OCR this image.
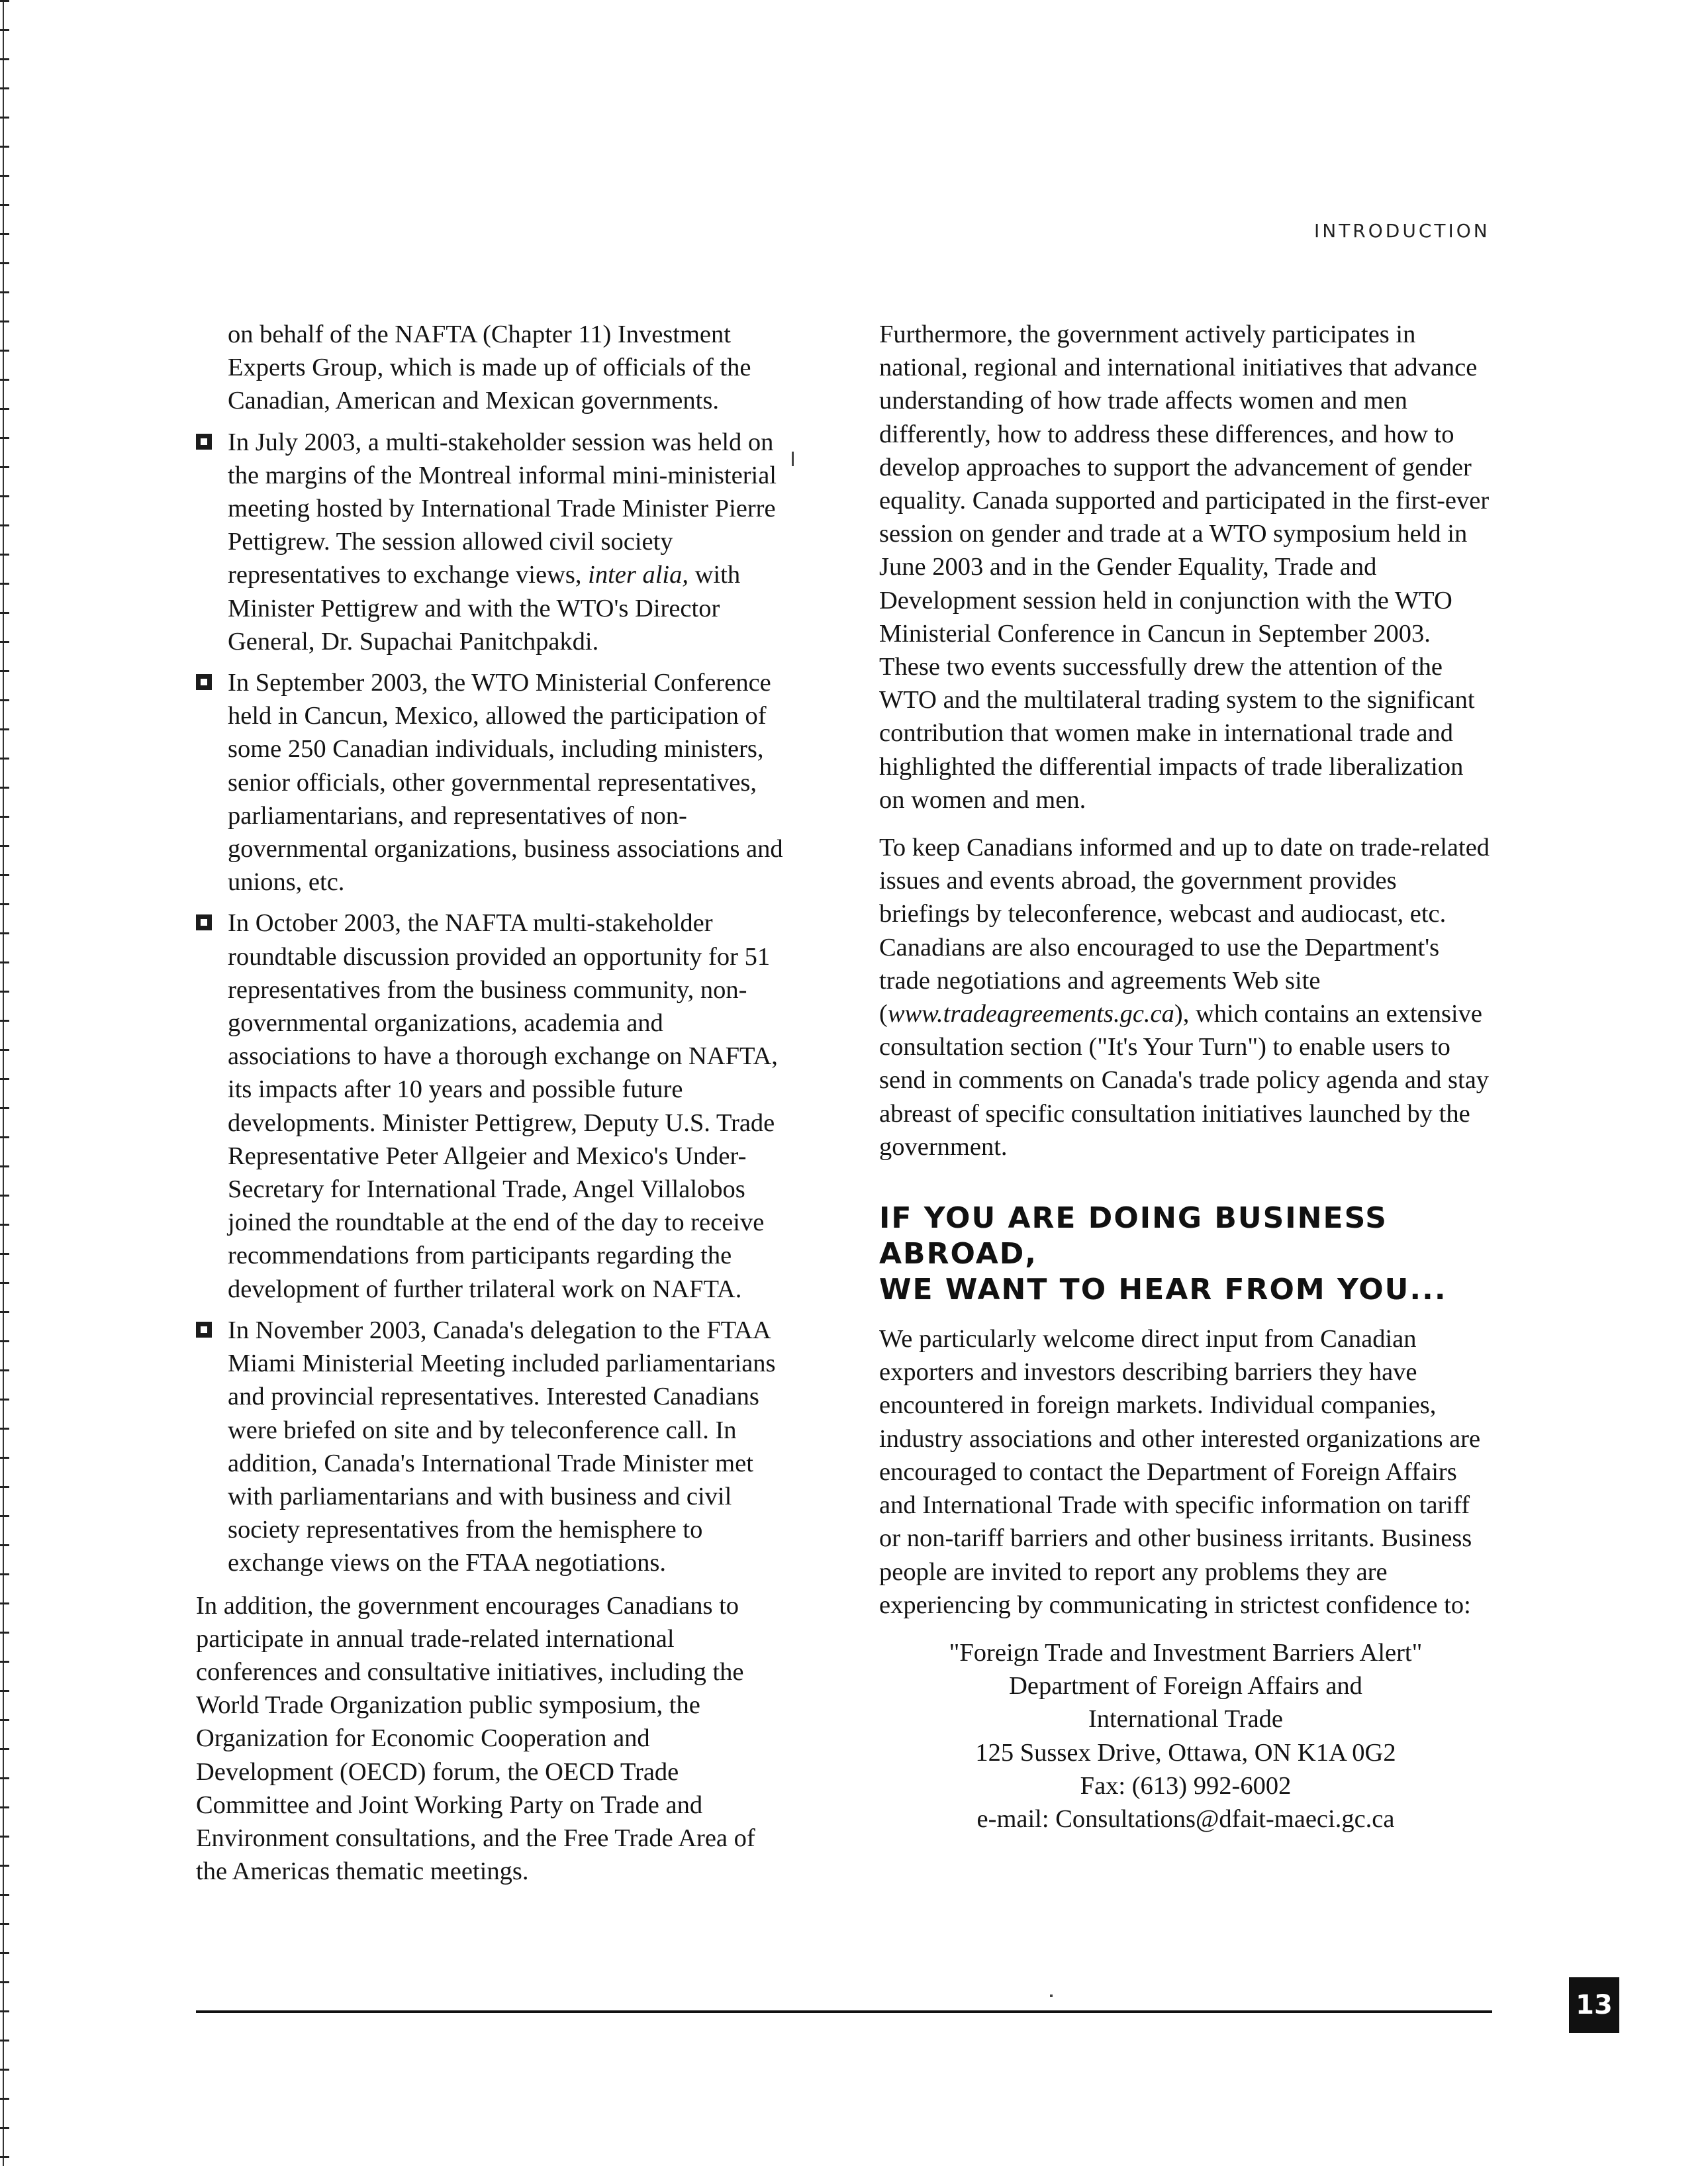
INTRODUCTION
on behalf of the NAFTA (Chapter 11) Investment Experts Group, which is made up of officials of the Canadian, American and Mexican governments.
In July 2003, a multi-stakeholder session was held on the margins of the Montreal informal mini-ministerial meeting hosted by International Trade Minister Pierre Pettigrew. The session allowed civil society representatives to exchange views, inter alia, with Minister Pettigrew and with the WTO's Director General, Dr. Supachai Panitchpakdi.
In September 2003, the WTO Ministerial Conference held in Cancun, Mexico, allowed the participation of some 250 Canadian individuals, including ministers, senior officials, other governmental representatives, parliamentarians, and representatives of non-governmental organizations, business associations and unions, etc.
In October 2003, the NAFTA multi-stakeholder roundtable discussion provided an opportunity for 51 representatives from the business community, non-governmental organizations, academia and associations to have a thorough exchange on NAFTA, its impacts after 10 years and possible future developments. Minister Pettigrew, Deputy U.S. Trade Representative Peter Allgeier and Mexico's Under-Secretary for International Trade, Angel Villalobos joined the roundtable at the end of the day to receive recommendations from participants regarding the development of further trilateral work on NAFTA.
In November 2003, Canada's delegation to the FTAA Miami Ministerial Meeting included parliamentarians and provincial representatives. Interested Canadians were briefed on site and by teleconference call. In addition, Canada's International Trade Minister met with parliamentarians and with business and civil society representatives from the hemisphere to exchange views on the FTAA negotiations.
In addition, the government encourages Canadians to participate in annual trade-related international conferences and consultative initiatives, including the World Trade Organization public symposium, the Organization for Economic Cooperation and Development (OECD) forum, the OECD Trade Committee and Joint Working Party on Trade and Environment consultations, and the Free Trade Area of the Americas thematic meetings.

Furthermore, the government actively participates in national, regional and international initiatives that advance understanding of how trade affects women and men differently, how to address these differences, and how to develop approaches to support the advancement of gender equality. Canada supported and participated in the first-ever session on gender and trade at a WTO symposium held in June 2003 and in the Gender Equality, Trade and Development session held in conjunction with the WTO Ministerial Conference in Cancun in September 2003. These two events successfully drew the attention of the WTO and the multilateral trading system to the significant contribution that women make in international trade and highlighted the differential impacts of trade liberalization on women and men.

To keep Canadians informed and up to date on trade-related issues and events abroad, the government provides briefings by teleconference, webcast and audiocast, etc. Canadians are also encouraged to use the Department's trade negotiations and agreements Web site (www.tradeagreements.gc.ca), which contains an extensive consultation section ("It's Your Turn") to enable users to send in comments on Canada's trade policy agenda and stay abreast of specific consultation initiatives launched by the government.

IF YOU ARE DOING BUSINESS ABROAD,
WE WANT TO HEAR FROM YOU...

We particularly welcome direct input from Canadian exporters and investors describing barriers they have encountered in foreign markets. Individual companies, industry associations and other interested organizations are encouraged to contact the Department of Foreign Affairs and International Trade with specific information on tariff or non-tariff barriers and other business irritants. Business people are invited to report any problems they are experiencing by communicating in strictest confidence to:

"Foreign Trade and Investment Barriers Alert"
Department of Foreign Affairs and
International Trade
125 Sussex Drive, Ottawa, ON K1A 0G2
Fax: (613) 992-6002
e-mail: Consultations@dfait-maeci.gc.ca
13
